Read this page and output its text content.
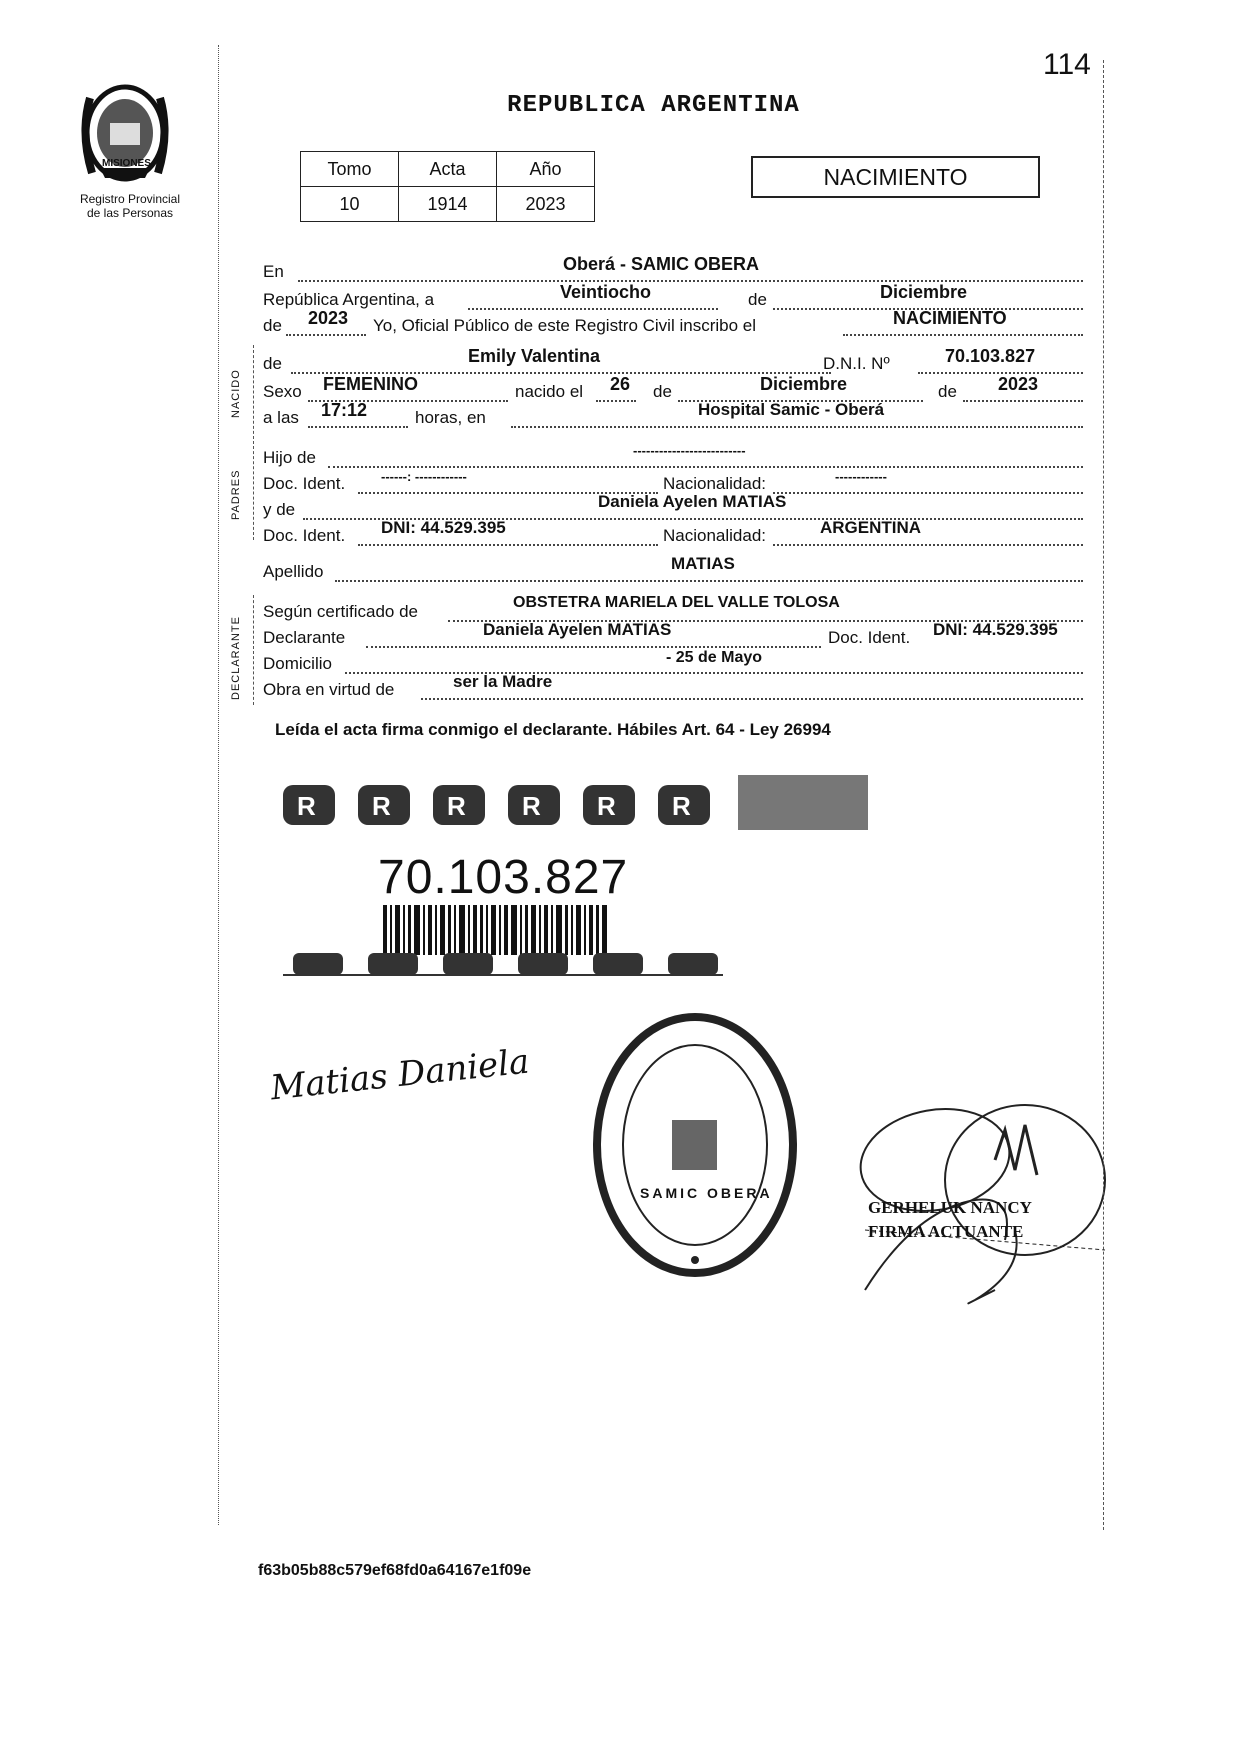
114
Registro Provincial
de las Personas
REPUBLICA ARGENTINA
Tomo	Acta	Año
10	1914	2023
NACIMIENTO
NACIDO
PADRES
DECLARANTE
En	Oberá - SAMIC OBERA
República Argentina, a	Veintiocho	de	Diciembre
de 2023 Yo, Oficial Público de este Registro Civil inscribo el	NACIMIENTO
de	Emily Valentina	D.N.I. Nº	70.103.827
Sexo FEMENINO	nacido el 26 de	Diciembre	de 2023
a las 17:12	horas, en	Hospital Samic - Oberá
Hijo de	--------------------------
Doc. Ident.	------: ------------	Nacionalidad:	------------
y de	Daniela Ayelen MATIAS
Doc. Ident. DNI: 44.529.395	Nacionalidad:	ARGENTINA
Apellido	MATIAS
Según certificado de	OBSTETRA MARIELA DEL VALLE TOLOSA
Declarante	Daniela Ayelen MATIAS	Doc. Ident. DNI: 44.529.395
Domicilio	- 25 de Mayo
Obra en virtud de	ser la Madre
Leída el acta firma conmigo el declarante. Hábiles Art. 64 - Ley 26994
R R R R R R
70.103.827
Matias Daniela
f63b05b88c579ef68fd0a64167e1f09e
SAMIC OBERA
MISIONES
GERHELUK NANCY
FIRMA ACTUANTE
